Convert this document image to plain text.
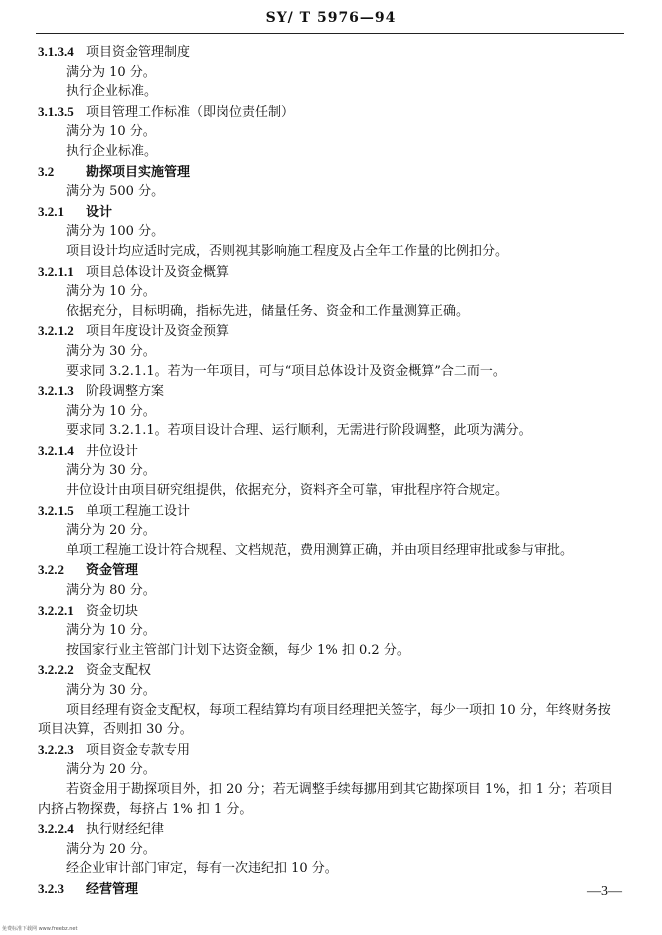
SY/ T 5976—94

3.1.3.4 项目资金管理制度

满分为 10 分。

执行企业标准。

3.1.3.5 项目管理工作标准（即岗位责任制）

满分为 10 分。

执行企业标准。

3.2 勘探项目实施管理

满分为 500 分。

3.2.1 设计

满分为 100 分。

项目设计均应适时完成，否则视其影响施工程度及占全年工作量的比例扣分。

3.2.1.1 项目总体设计及资金概算

满分为 10 分。

依据充分，目标明确，指标先进，储量任务、资金和工作量测算正确。

3.2.1.2 项目年度设计及资金预算

满分为 30 分。

要求同 3.2.1.1。若为一年项目，可与“项目总体设计及资金概算”合二而一。

3.2.1.3 阶段调整方案

满分为 10 分。

要求同 3.2.1.1。若项目设计合理、运行顺利，无需进行阶段调整，此项为满分。

3.2.1.4 井位设计

满分为 30 分。

井位设计由项目研究组提供，依据充分，资料齐全可靠，审批程序符合规定。

3.2.1.5 单项工程施工设计

满分为 20 分。

单项工程施工设计符合规程、文档规范，费用测算正确，并由项目经理审批或参与审批。

3.2.2 资金管理

满分为 80 分。

3.2.2.1 资金切块

满分为 10 分。

按国家行业主管部门计划下达资金额，每少 1% 扣 0.2 分。

3.2.2.2 资金支配权

满分为 30 分。

项目经理有资金支配权，每项工程结算均有项目经理把关签字，每少一项扣 10 分，年终财务按

项目决算，否则扣 30 分。

3.2.2.3 项目资金专款专用

满分为 20 分。

若资金用于勘探项目外，扣 20 分；若无调整手续每挪用到其它勘探项目 1%，扣 1 分；若项目

内挤占物探费，每挤占 1% 扣 1 分。

3.2.2.4 执行财经纪律

满分为 20 分。

经企业审计部门审定，每有一次违纪扣 10 分。

3.2.3 经营管理	—3—
免费标准下载网 www.freebz.net
